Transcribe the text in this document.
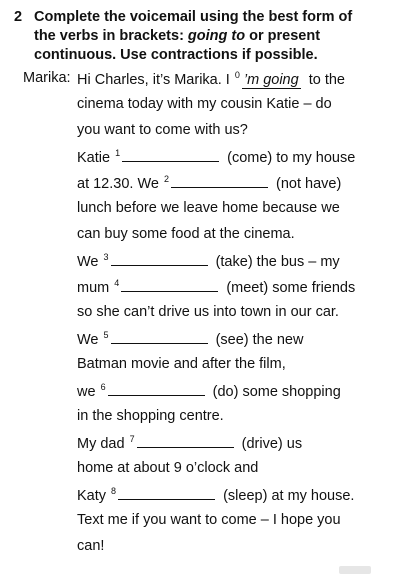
2 Complete the voicemail using the best form of
the verbs in brackets: going to or present
continuous. Use contractions if possible.
Marika: Hi Charles, it’s Marika. I $^0$ ’m going to the
cinema today with my cousin Katie – do
you want to come with us?
Katie $^1$	(come) to my house
at 12.30. We $^2$	(not have)
lunch before we leave home because we
can buy some food at the cinema.
We $^3$	(take) the bus – my
mum $^4$	(meet) some friends
so she can’t drive us into town in our car.
We $^5$	(see) the new
Batman movie and after the film,
we $^6$	(do) some shopping
in the shopping centre.
My dad $^7$	(drive) us
home at about 9 o’clock and
Katy $^8$	(sleep) at my house.
Text me if you want to come – I hope you
can!
